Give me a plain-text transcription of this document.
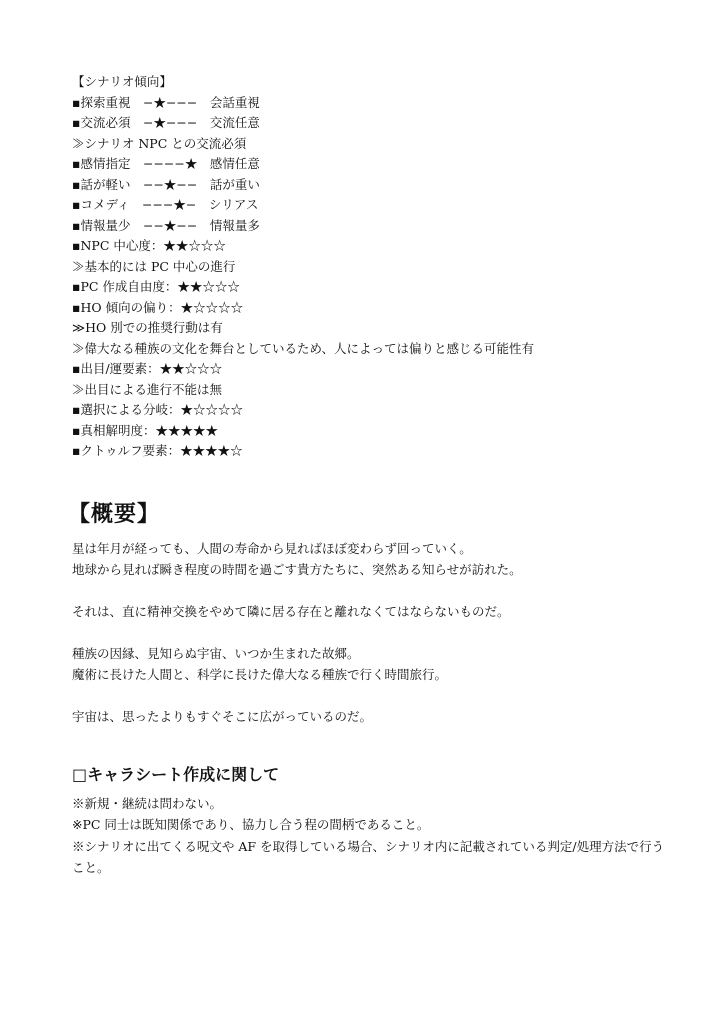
【シナリオ傾向】
▪探索重視　−★−−−　会話重視
▪交流必須　−★−−−　交流任意
≫シナリオ NPC との交流必須
▪感情指定　−−−−★　感情任意
▪話が軽い　−−★−−　話が重い
▪コメディ　−−−★−　シリアス
▪情報量少　−−★−−　情報量多
▪NPC 中心度：★★☆☆☆
≫基本的には PC 中心の進行
▪PC 作成自由度：★★☆☆☆
▪HO 傾向の偏り：★☆☆☆☆
≫HO 別での推奨行動は有
≫偉大なる種族の文化を舞台としているため、人によっては偏りと感じる可能性有
▪出目/運要素：★★☆☆☆
≫出目による進行不能は無
▪選択による分岐：★☆☆☆☆
▪真相解明度：★★★★★
▪クトゥルフ要素：★★★★☆
【概要】
星は年月が経っても、人間の寿命から見ればほぼ変わらず回っていく。
地球から見れば瞬き程度の時間を過ごす貴方たちに、突然ある知らせが訪れた。
それは、直に精神交換をやめて隣に居る存在と離れなくてはならないものだ。
種族の因縁、見知らぬ宇宙、いつか生まれた故郷。
魔術に長けた人間と、科学に長けた偉大なる種族で行く時間旅行。
宇宙は、思ったよりもすぐそこに広がっているのだ。
□キャラシート作成に関して
※新規・継続は問わない。
※PC 同士は既知関係であり、協力し合う程の間柄であること。
※シナリオに出てくる呪文や AF を取得している場合、シナリオ内に記載されている判定/処理方法で行うこと。
